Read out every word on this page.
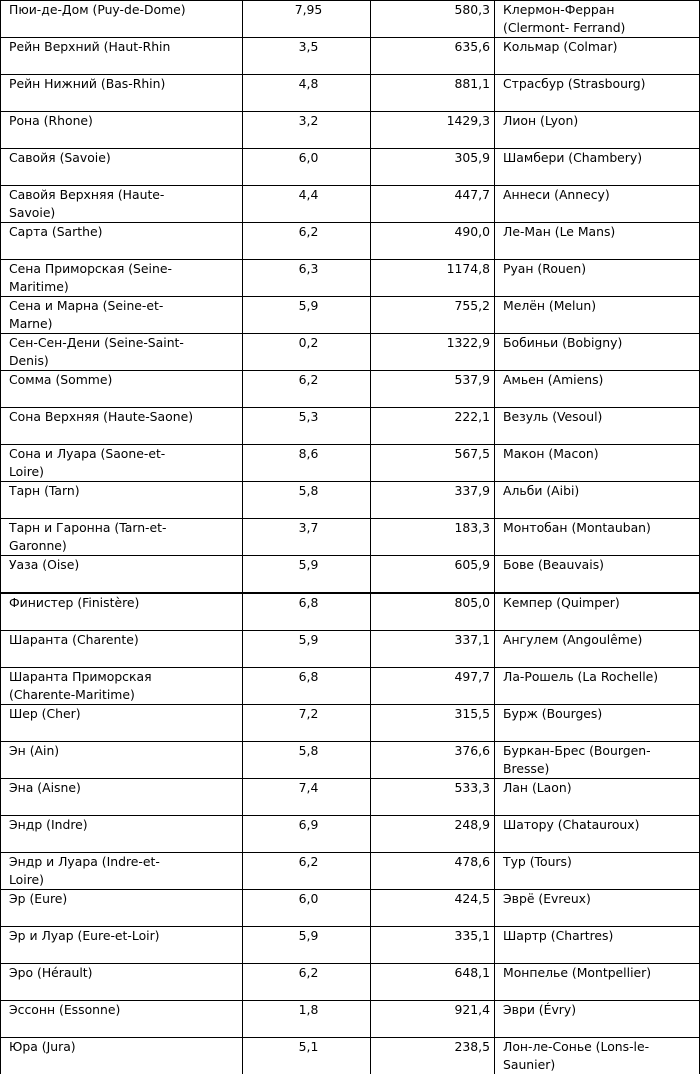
Пюи-де-Дом (Puy-de-Dome)	7,95	580,3	Клермон-Ферран
(Clermont- Ferrand)
Рейн Верхний (Haut-Rhin	3,5	635,6	Кольмар (Colmar)
Рейн Нижний (Bas-Rhin)	4,8	881,1	Страсбур (Strasbourg)
Рона (Rhone)	3,2	1429,3	Лион (Lyon)
Савойя (Savoie)	6,0	305,9	Шамбери (Chambery)
Савойя Верхняя (Haute-
Savoie)	4,4	447,7	Аннеси (Annecy)
Сарта (Sarthe)	6,2	490,0	Ле-Ман (Le Mans)
Сена Приморская (Seine-
Maritime)	6,3	1174,8	Руан (Rouen)
Сена и Марна (Seine-et-
Marne)	5,9	755,2	Мелён (Melun)
Сен-Сен-Дени (Seine-Saint-
Denis)	0,2	1322,9	Бобиньи (Bobigny)
Сомма (Somme)	6,2	537,9	Амьен (Amiens)
Сона Верхняя (Haute-Saone)	5,3	222,1	Везуль (Vesoul)
Сона и Луара (Saone-et-
Loire)	8,6	567,5	Макон (Macon)
Тарн (Tarn)	5,8	337,9	Альби (Aibi)
Тарн и Гаронна (Tarn-et-
Garonne)	3,7	183,3	Монтобан (Montauban)
Уаза (Oise)	5,9	605,9	Бове (Beauvais)
Финистер (Finistère)	6,8	805,0	Кемпер (Quimper)
Шаранта (Charente)	5,9	337,1	Ангулем (Angoulême)
Шаранта Приморская
(Charente-Maritime)	6,8	497,7	Ла-Рошель (La Rochelle)
Шер (Cher)	7,2	315,5	Бурж (Bourges)
Эн (Ain)	5,8	376,6	Буркан-Брес (Bourgen-
Bresse)
Эна (Aisne)	7,4	533,3	Лан (Laon)
Эндр (Indre)	6,9	248,9	Шатору (Chatauroux)
Эндр и Луара (Indre-et-
Loire)	6,2	478,6	Тур (Tours)
Эр (Eure)	6,0	424,5	Эврё (Evreux)
Эр и Луар (Eure-et-Loir)	5,9	335,1	Шартр (Chartres)
Эро (Hérault)	6,2	648,1	Монпелье (Montpellier)
Эссонн (Essonne)	1,8	921,4	Эври (Évry)
Юра (Jura)	5,1	238,5	Лон-ле-Сонье (Lons-le-
Saunier)
